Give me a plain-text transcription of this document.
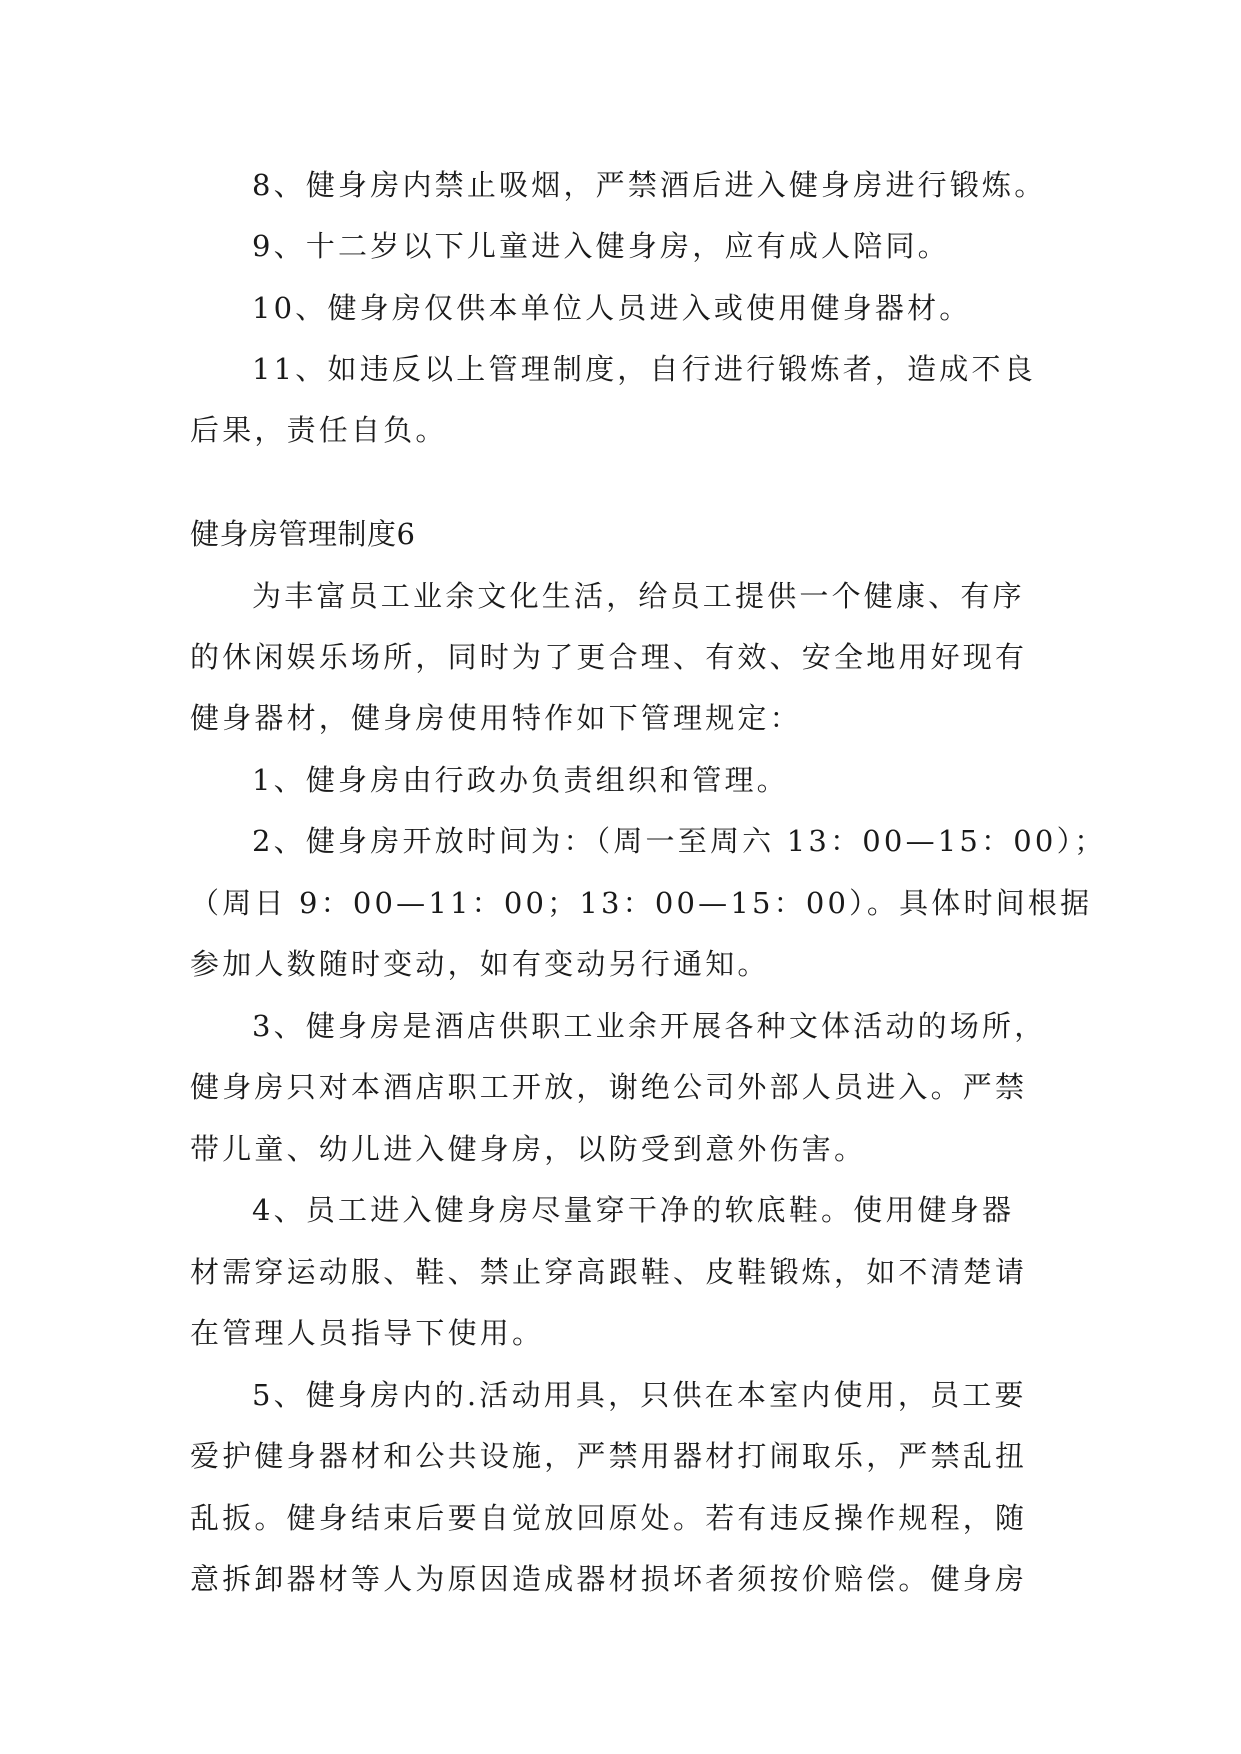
8、健身房内禁止吸烟，严禁酒后进入健身房进行锻炼。
9、十二岁以下儿童进入健身房，应有成人陪同。
10、健身房仅供本单位人员进入或使用健身器材。
11、如违反以上管理制度，自行进行锻炼者，造成不良
后果，责任自负。
健身房管理制度6
为丰富员工业余文化生活，给员工提供一个健康、有序
的休闲娱乐场所，同时为了更合理、有效、安全地用好现有
健身器材，健身房使用特作如下管理规定：
1、健身房由行政办负责组织和管理。
2、健身房开放时间为：（周一至周六 13：00—15：00）；
（周日 9：00—11：00；13：00—15：00）。具体时间根据
参加人数随时变动，如有变动另行通知。
3、健身房是酒店供职工业余开展各种文体活动的场所，
健身房只对本酒店职工开放，谢绝公司外部人员进入。严禁
带儿童、幼儿进入健身房，以防受到意外伤害。
4、员工进入健身房尽量穿干净的软底鞋。使用健身器
材需穿运动服、鞋、禁止穿高跟鞋、皮鞋锻炼，如不清楚请
在管理人员指导下使用。
5、健身房内的.活动用具，只供在本室内使用，员工要
爱护健身器材和公共设施，严禁用器材打闹取乐，严禁乱扭
乱扳。健身结束后要自觉放回原处。若有违反操作规程，随
意拆卸器材等人为原因造成器材损坏者须按价赔偿。健身房
